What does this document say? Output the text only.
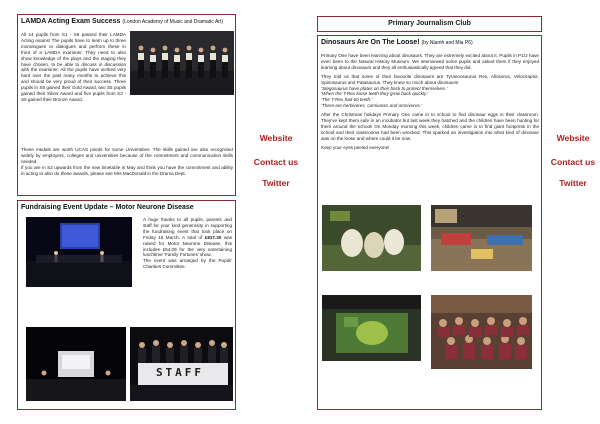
LAMDA Acting Exam Success (London Academy of Music and Dramatic Art)

All 14 pupils from S1 - S6 passed their LAMDA Acting exams! The pupils have to learn up to three monologues or dialogues and perform these in front of a LAMDA examiner. They need to also show knowledge of the plays and the staging they have chosen, to be able to discuss in discussion with the examiner. All the pupils have worked very hard over the past many months to achieve this and should be very proud of their success. Three pupils in S6 gained their Gold Award, two S5 pupils gained their Silver Award and five pupils from S3 - S5 gained their Bronze Award.

These medals are worth UCAS points for some Universities. The skills gained are also recognised widely by employers, colleges and universities because of the commitment and communication skills needed.

If you are in S2 upwards from the new timetable in May and think you have the commitment and ability in acting to also do these awards, please see Mrs MacDonald in the Drama Dept.

Fundraising Event Update – Motor Neurone Disease

A huge thanks to all pupils, parents and staff for your kind generosity in supporting the fundraising event that took place on Friday 16 March. A total of £817.30 was raised for Motor Neurone Disease, this includes £64.09 for the very entertaining lunchtime ‘Family Fortunes’ show.

The event was arranged by the Pupils’ Charities Committee.

STAFF
Website
Contact us
Twitter
Website
Contact us
Twitter
Primary Journalism Club
Dinosaurs Are On The Loose! (by Niamh and Mia P6)

Primary One have been learning about dinosaurs. They are extremely excited about it. Pupils in P1/2 have even been to the Natural History Museum. We interviewed some pupils and asked them if they enjoyed learning about dinosaurs and they all enthusiastically agreed that they did.

They told us that some of their favourite dinosaurs are Tyrannosaurus Rex, Allosorus, Velociraptor, Spinosaurus and Patasaurus. They knew so much about dinosaurs!
‘Stegosaurus have plates on their back to protect themselves.’
‘When the T-Rex loose teeth they grow back quickly.’
‘The T-Rex had 60 teeth.’
‘There are herbivores, carnivores and omnivores.’

After the Christmas holidays Primary One came in to school to find dinosaur eggs in their classroom. They’ve kept them safe in an incubator but last week they hatched and the children have been hunting for them around the school! On Monday morning this week, children came in to find giant footprints in the school and their classrooms had been wrecked. This sparked an investigation into what kind of dinosaur was on the loose and where could it be now.

Keep your eyes peeled everyone!
